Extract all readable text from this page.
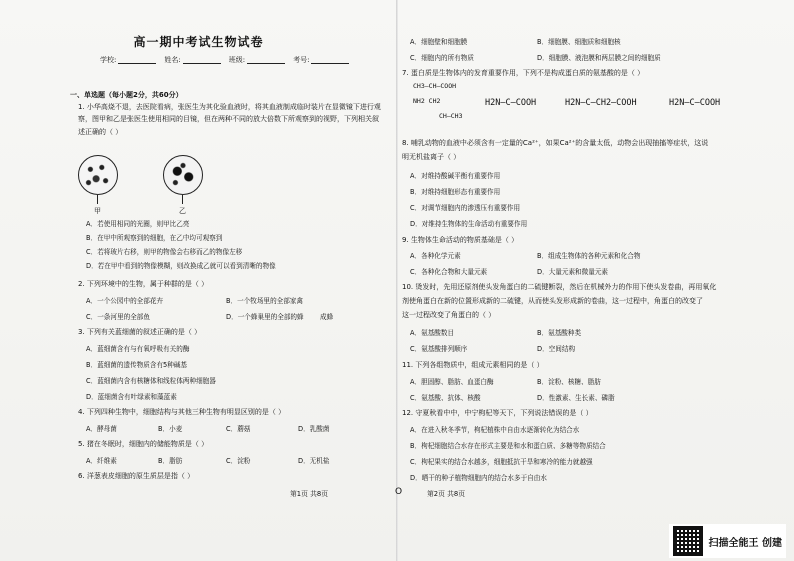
高一期中考试生物试卷
学校:	姓名:	班级:	考号:
一、单选题（每小题2分，共60分）
1. 小华高烧不退，去医院看病，张医生为其化验血液时，将其血液制成临时装片在显微镜下进行观
察，图甲和乙是张医生使用相同的目镜，但在两种不同的放大倍数下所观察到的视野，下列相关叙
述正确的（ ）
甲	乙
A．若使用相同的光圈，则甲比乙亮
B．在甲中所观察到的细胞，在乙中均可观察到
C．若将玻片右移，则甲的物像会右移而乙的物像左移
D．若在甲中看到的物像模糊，则改换成乙就可以看到清晰的物像
2. 下列环境中的生物，属于种群的是（ ）
A．一个公园中的全部花卉	B．一个牧场里的全部家禽
C．一条河里的全部鱼	D．一个蜂巢里的全部的蜂 成蜂
3. 下列有关蓝细菌的叙述正确的是（ ）
A．蓝细菌含有与有氧呼吸有关的酶
B．蓝细菌的遗传物质含有5种碱基
C．蓝细菌内含有核糖体和线粒体两种细胞器
D．蓝细菌含有叶绿素和藻蓝素
4. 下列四种生物中，细胞结构与其他三种生物有明显区别的是（ ）
A．酵母菌	B．小麦	C．蘑菇	D．乳酸菌
5. 猪在冬眠时，细胞内的储能物质是（ ）
A．纤维素	B．脂肪	C．淀粉	D．无机盐
6. 洋葱表皮细胞的原生质层是指（ ）
第1页 共8页	O
A．细胞壁和细胞膜	B．细胞膜、细胞质和细胞核
C．细胞内的所有物质	D．细胞膜、液泡膜和两层膜之间的细胞质
7. 蛋白质是生物体内的发育重要作用，下列不是构成蛋白质的氨基酸的是（ ）
CH3—CH—COOH
NH2 CH2
CH—CH3
H2N—C—COOH	H2N—C—CH2—COOH	H2N—C—COOH
8. 哺乳动物的血液中必须含有一定量的Ca²⁺，如果Ca²⁺的含量太低，动物会出现抽搐等症状，这说
明无机盐离子（ ）
A．对维持酸碱平衡有重要作用
B．对维持细胞形态有重要作用
C．对调节细胞内的渗透压有重要作用
D．对维持生物体的生命活动有重要作用
9. 生物体生命活动的物质基础是（ ）
A．各种化学元素	B．组成生物体的各种元素和化合物
C．各种化合物和大量元素	D．大量元素和微量元素
10. 烫发时，先用还原剂使头发角蛋白的二硫键断裂，然后在机械外力的作用下使头发卷曲，再用氧化
剂使角蛋白在新的位置形成新的二硫键，从而使头发形成新的卷曲，这一过程中，角蛋白的改变了
这一过程改变了角蛋白的（ ）
A．氨基酸数目	B．氨基酸种类
C．氨基酸排列顺序	D．空间结构
11. 下列各组物质中，组成元素相同的是（ ）
A．胆固醇、脂肪、血蛋白酶	B．淀粉、核糖、脂肪
C．氨基酸、抗体、核酸	D．性激素、生长素、磷脂
12. 守夏秋看中中，中宁枸杞等天下，下列说法错误的是（ ）
A．在进入秋冬季节，枸杞植株中自由水逐渐转化为结合水
B．枸杞细胞结合水存在形式主要是和水和蛋白质、多糖等物质结合
C．枸杞果实的结合水越多，细胞抵抗干旱和寒冷的能力就越强
D．晒干的种子植物细胞内的结合水多于自由水
第2页 共8页
扫描全能王 创建
